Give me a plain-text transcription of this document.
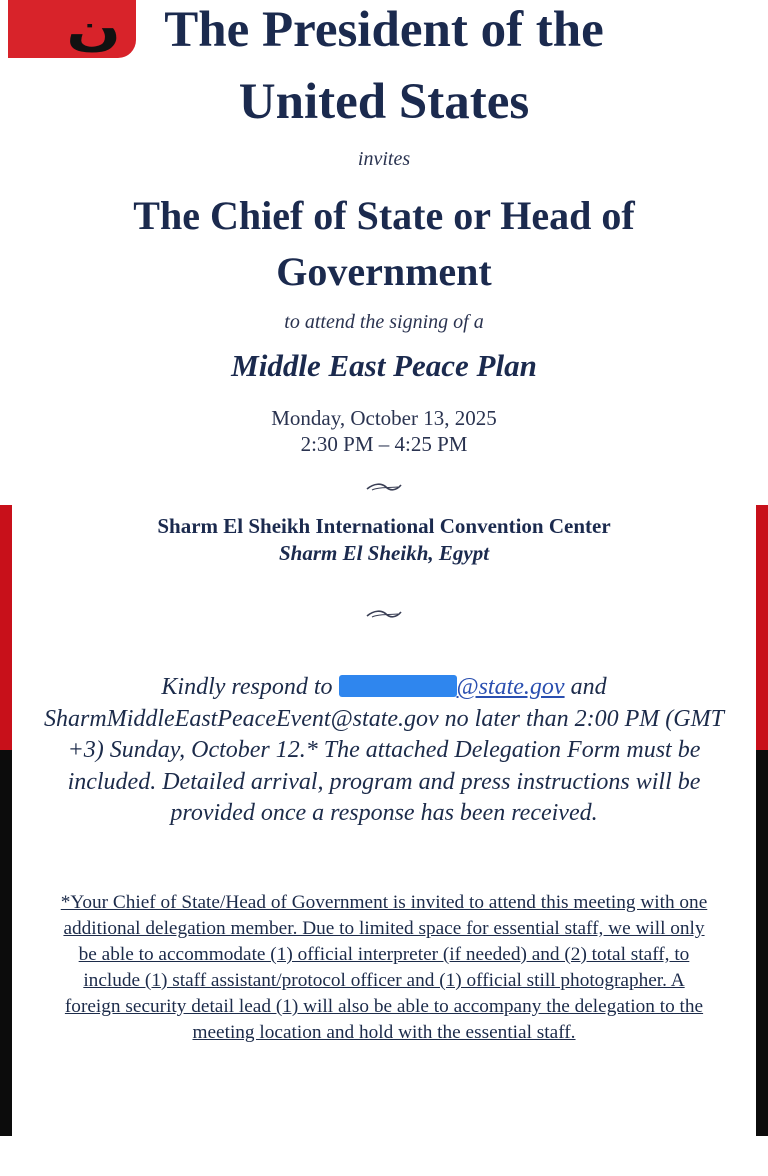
ن The President of the
United States
invites
The Chief of State or Head of
Government
to attend the signing of a
Middle East Peace Plan
Monday, October 13, 2025
2:30 PM – 4:25 PM
Sharm El Sheikh International Convention Center
Sharm El Sheikh, Egypt
Kindly respond to	@state.gov and SharmMiddleEastPeaceEvent@state.gov no later than 2:00 PM (GMT +3) Sunday, October 12.* The attached Delegation Form must be included. Detailed arrival, program and press instructions will be provided once a response has been received.
*Your Chief of State/Head of Government is invited to attend this meeting with one additional delegation member. Due to limited space for essential staff, we will only be able to accommodate (1) official interpreter (if needed) and (2) total staff, to include (1) staff assistant/protocol officer and (1) official still photographer. A foreign security detail lead (1) will also be able to accompany the delegation to the meeting location and hold with the essential staff.
